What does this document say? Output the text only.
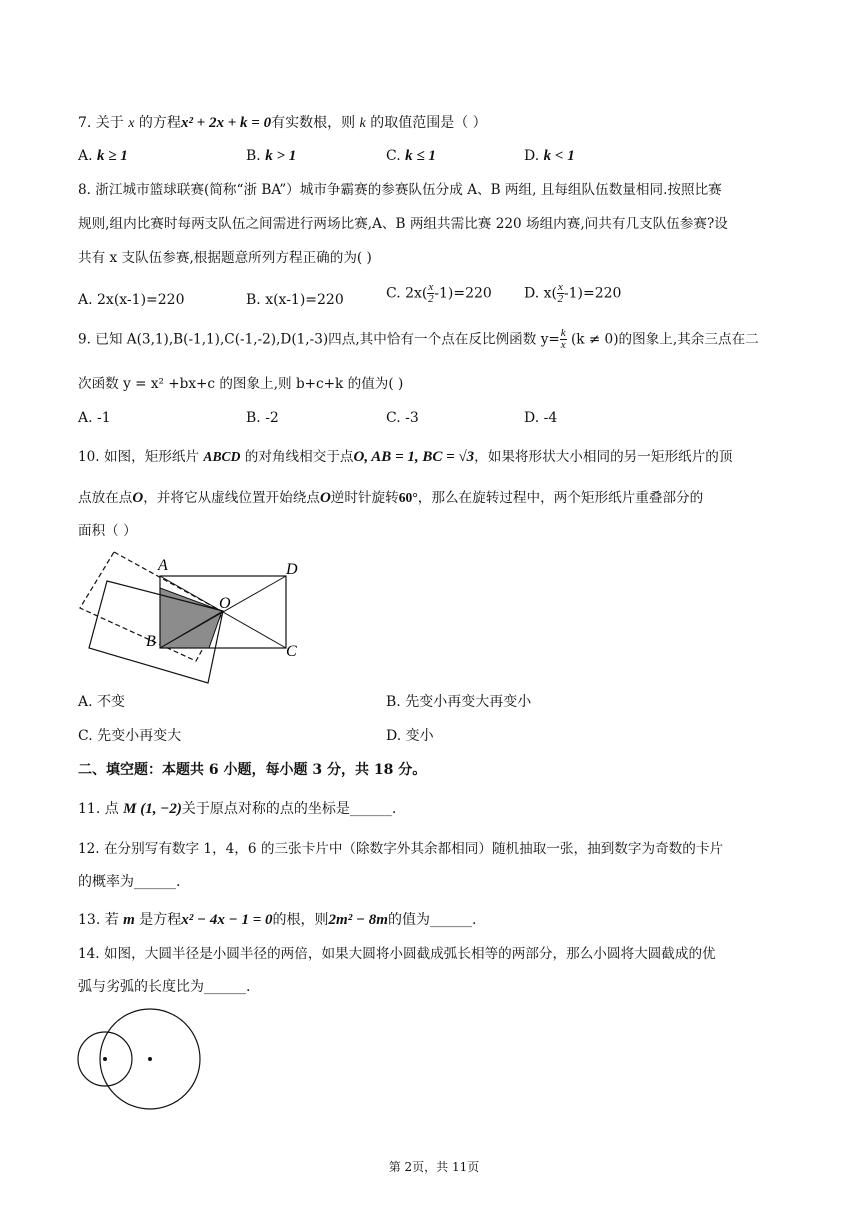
7. 关于 x 的方程x² + 2x + k = 0有实数根，则 k 的取值范围是（ ）
A. k ≥ 1	B. k > 1	C. k ≤ 1	D. k < 1
8. 浙江城市篮球联赛(简称“浙 BA”）城市争霸赛的参赛队伍分成 A、B 两组, 且每组队伍数量相同.按照比赛
规则,组内比赛时每两支队伍之间需进行两场比赛,A、B 两组共需比赛 220 场组内赛,问共有几支队伍参赛?设
共有 x 支队伍参赛,根据题意所列方程正确的为( )
A. 2x(x-1)=220	B. x(x-1)=220	C. $2x( \frac{x}{2} -1)=220$ D. $x( \frac{x}{2} -1)=220$
9. 已知 A(3,1),B(-1,1),C(-1,-2),D(1,-3)四点,其中恰有一个点在反比例函数 $y= \frac{k}{x} (k \ne 0)$的图象上,其余三点在二
次函数 y = x² +bx+c 的图象上,则 b+c+k 的值为( )
A. -1	B. -2	C. -3	D. -4
10. 如图，矩形纸片 ABCD 的对角线相交于点O, AB = 1, BC = √3，如果将形状大小相同的另一矩形纸片的顶
点放在点O，并将它从虚线位置开始绕点O逆时针旋转60°，那么在旋转过程中，两个矩形纸片重叠部分的
面积（ ）
A	D
O
B
C
A. 不变	B. 先变小再变大再变小
C. 先变小再变大	D. 变小
二、填空题：本题共 6 小题，每小题 3 分，共 18 分。
11. 点 M (1, −2)关于原点对称的点的坐标是______.
12. 在分别写有数字 1，4，6 的三张卡片中（除数字外其余都相同）随机抽取一张，抽到数字为奇数的卡片
的概率为______.
13. 若 m 是方程x² − 4x − 1 = 0的根，则2m² − 8m的值为______.
14. 如图，大圆半径是小圆半径的两倍，如果大圆将小圆截成弧长相等的两部分，那么小圆将大圆截成的优
弧与劣弧的长度比为______.
第 2页，共 11页
